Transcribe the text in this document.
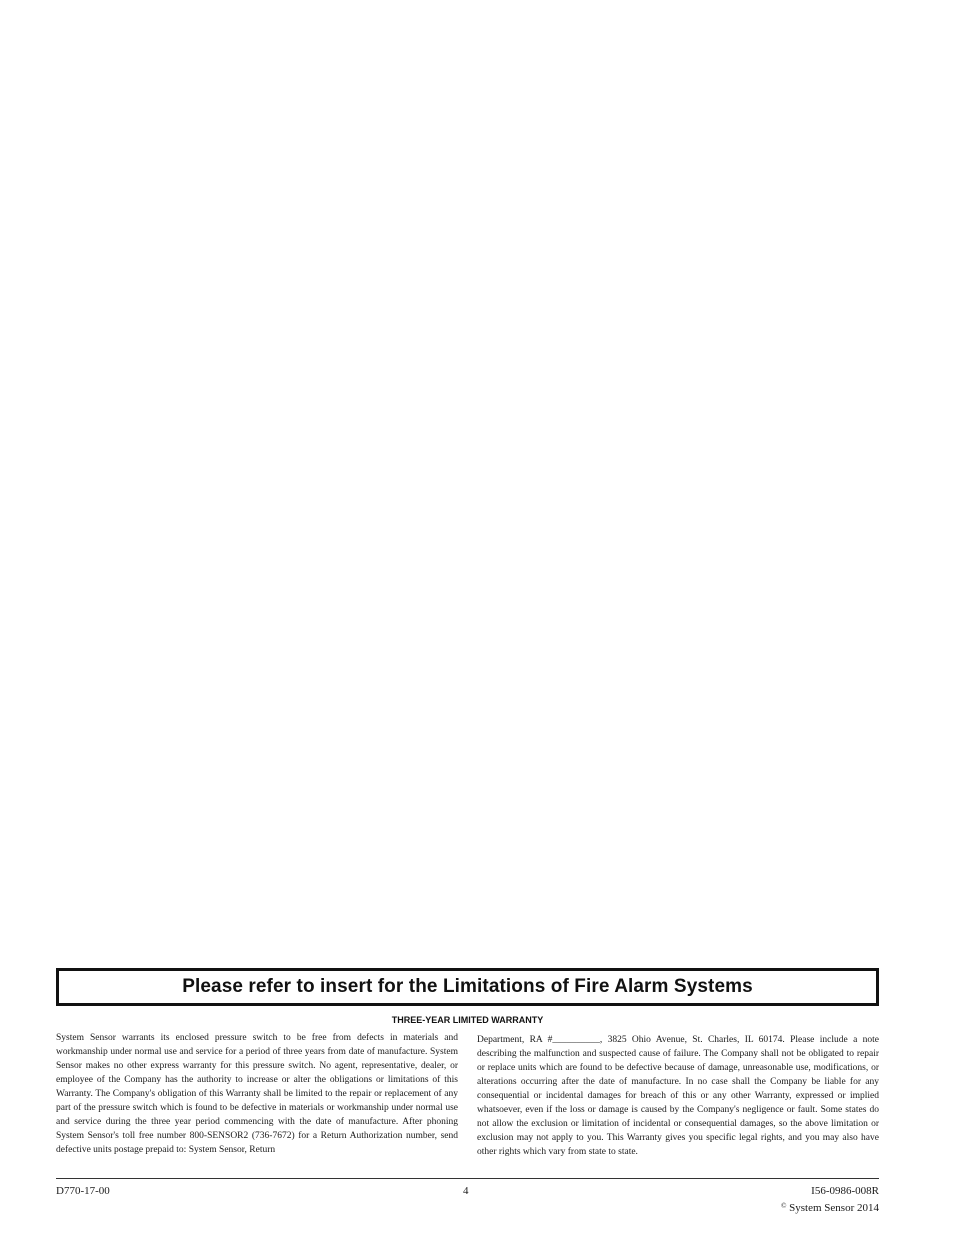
Please refer to insert for the Limitations of Fire Alarm Systems
THREE-YEAR LIMITED WARRANTY
System Sensor warrants its enclosed pressure switch to be free from defects in materials and workmanship under normal use and service for a period of three years from date of manufacture. System Sensor makes no other express warranty for this pressure switch. No agent, representative, dealer, or employee of the Company has the authority to increase or alter the obligations or limitations of this Warranty. The Company's obligation of this Warranty shall be limited to the repair or replacement of any part of the pressure switch which is found to be defective in materials or workmanship under normal use and service during the three year period commencing with the date of manufacture. After phoning System Sensor's toll free number 800-SENSOR2 (736-7672) for a Return Authorization number, send defective units postage prepaid to: System Sensor, Return
Department, RA #__________, 3825 Ohio Avenue, St. Charles, IL 60174. Please include a note describing the malfunction and suspected cause of failure. The Company shall not be obligated to repair or replace units which are found to be defective because of damage, unreasonable use, modifications, or alterations occurring after the date of manufacture. In no case shall the Company be liable for any consequential or incidental damages for breach of this or any other Warranty, expressed or implied whatsoever, even if the loss or damage is caused by the Company's negligence or fault. Some states do not allow the exclusion or limitation of incidental or consequential damages, so the above limitation or exclusion may not apply to you. This Warranty gives you specific legal rights, and you may also have other rights which vary from state to state.
D770-17-00	4	I56-0986-008R
© System Sensor 2014
